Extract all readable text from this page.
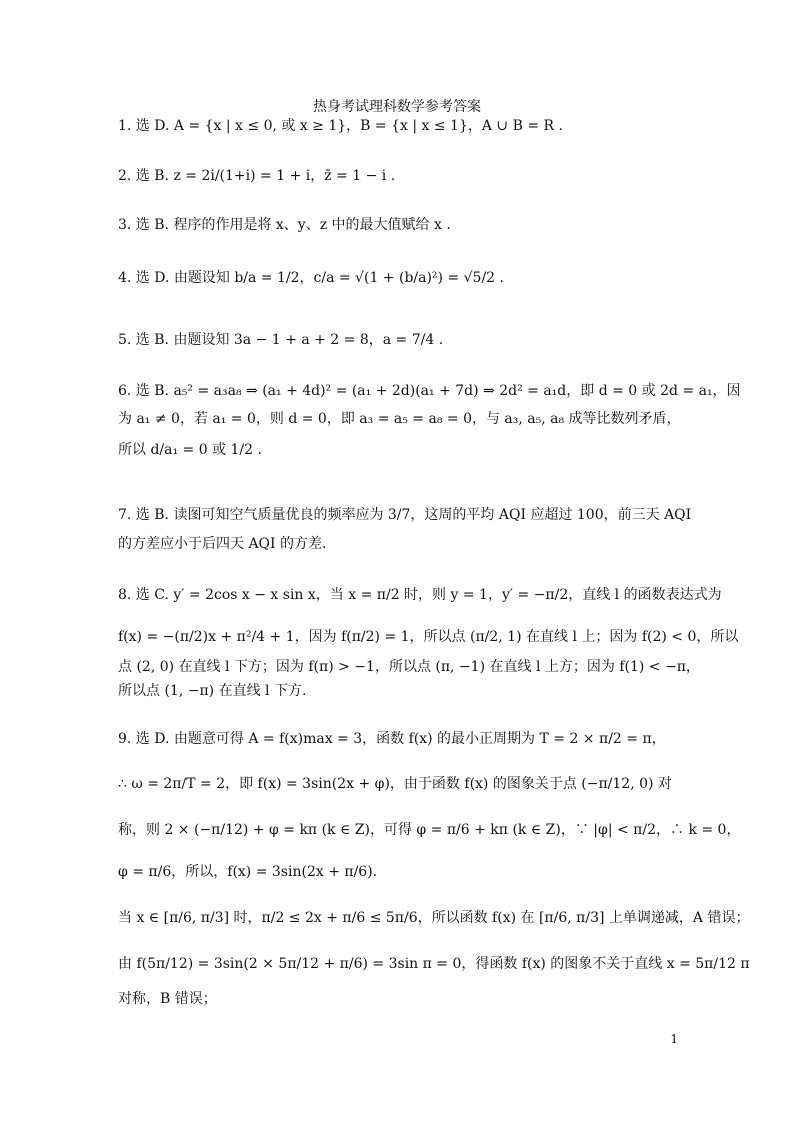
热身考试理科数学参考答案
1. 选 D. A = {x | x ≤ 0, 或 x ≥ 1}，B = {x | x ≤ 1}，A ∪ B = R .
2. 选 B. z = 2i/(1+i) = 1 + i，z̄ = 1 − i .
3. 选 B. 程序的作用是将 x、y、z 中的最大值赋给 x .
4. 选 D. 由题设知 b/a = 1/2，c/a = √(1 + (b/a)²) = √5/2 .
5. 选 B. 由题设知 3a − 1 + a + 2 = 8，a = 7/4 .
6. 选 B. a₅² = a₃a₈ ⇒ (a₁ + 4d)² = (a₁ + 2d)(a₁ + 7d) ⇒ 2d² = a₁d，即 d = 0 或 2d = a₁，因
为 a₁ ≠ 0，若 a₁ = 0，则 d = 0，即 a₃ = a₅ = a₈ = 0，与 a₃, a₅, a₈ 成等比数列矛盾，
所以 d/a₁ = 0 或 1/2 .
7. 选 B. 读图可知空气质量优良的频率应为 3/7，这周的平均 AQI 应超过 100，前三天 AQI
的方差应小于后四天 AQI 的方差.
8. 选 C. y′ = 2cos x − x sin x，当 x = π/2 时，则 y = 1，y′ = −π/2，直线 l 的函数表达式为
f(x) = −(π/2)x + π²/4 + 1，因为 f(π/2) = 1，所以点 (π/2, 1) 在直线 l 上；因为 f(2) < 0，所以
点 (2, 0) 在直线 l 下方；因为 f(π) > −1，所以点 (π, −1) 在直线 l 上方；因为 f(1) < −π，
所以点 (1, −π) 在直线 l 下方.
9. 选 D. 由题意可得 A = f(x)max = 3，函数 f(x) 的最小正周期为 T = 2 × π/2 = π，
∴ ω = 2π/T = 2，即 f(x) = 3sin(2x + φ)，由于函数 f(x) 的图象关于点 (−π/12, 0) 对
称，则 2 × (−π/12) + φ = kπ (k ∈ Z)，可得 φ = π/6 + kπ (k ∈ Z)，∵ |φ| < π/2，∴ k = 0，
φ = π/6，所以，f(x) = 3sin(2x + π/6).
当 x ∈ [π/6, π/3] 时，π/2 ≤ 2x + π/6 ≤ 5π/6，所以函数 f(x) 在 [π/6, π/3] 上单调递减，A 错误；
由 f(5π/12) = 3sin(2 × 5π/12 + π/6) = 3sin π = 0，得函数 f(x) 的图象不关于直线 x = 5π/12 π
对称，B 错误；
1
